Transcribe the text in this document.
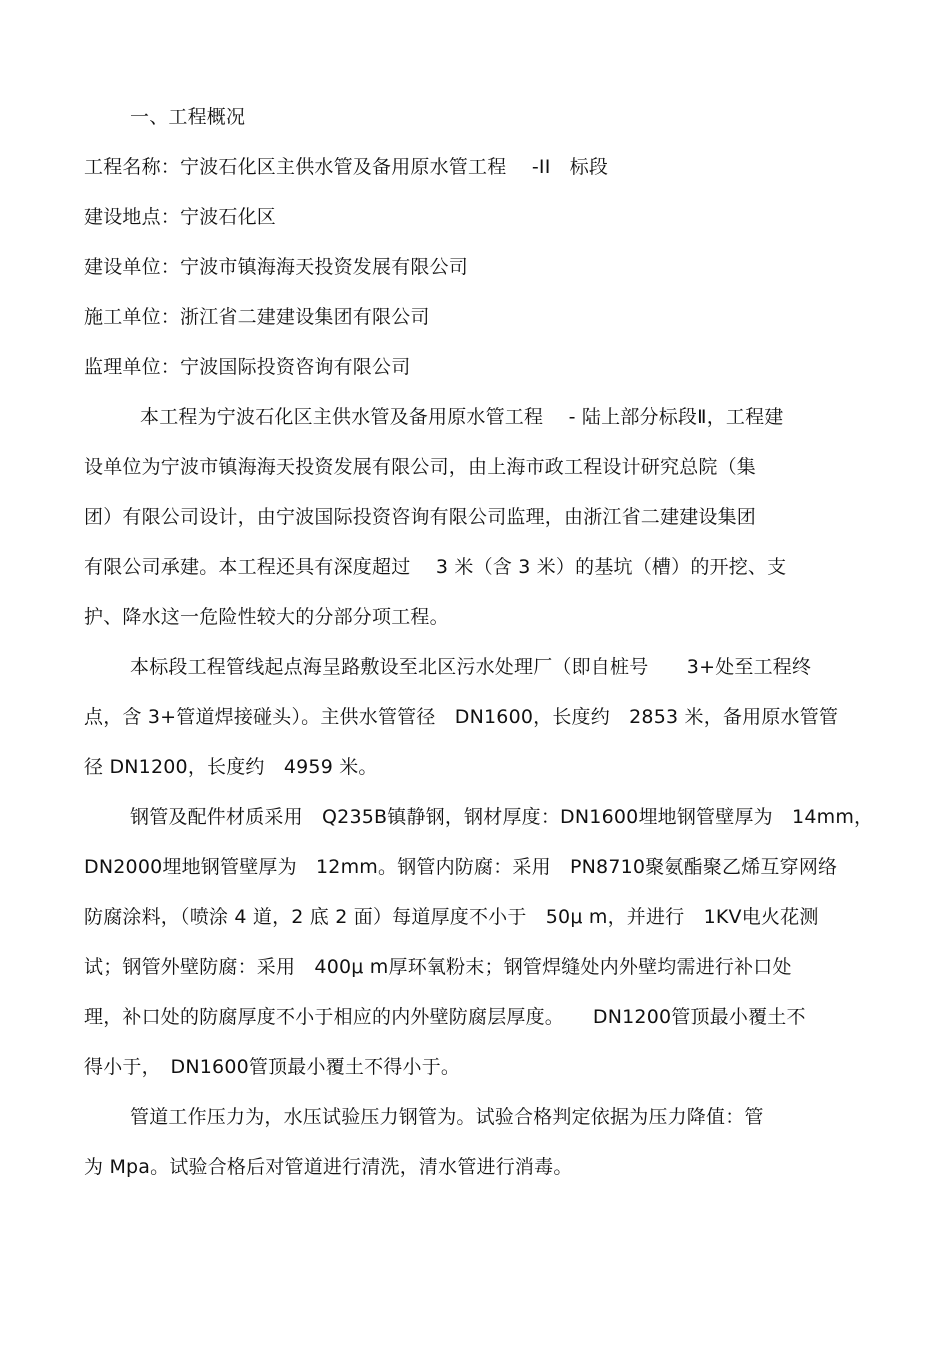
一、工程概况
工程名称：宁波石化区主供水管及备用原水管工程　 -II　标段
建设地点：宁波石化区
建设单位：宁波市镇海海天投资发展有限公司
施工单位：浙江省二建建设集团有限公司
监理单位：宁波国际投资咨询有限公司
本工程为宁波石化区主供水管及备用原水管工程　 - 陆上部分标段Ⅱ，工程建
设单位为宁波市镇海海天投资发展有限公司，由上海市政工程设计研究总院（集
团）有限公司设计，由宁波国际投资咨询有限公司监理，由浙江省二建建设集团
有限公司承建。本工程还具有深度超过　 3 米（含 3 米）的基坑（槽）的开挖、支
护、降水这一危险性较大的分部分项工程。
本标段工程管线起点海呈路敷设至北区污水处理厂（即自桩号　　3+处至工程终
点，含 3+管道焊接碰头）。主供水管管径　DN1600，长度约　2853 米，备用原水管管
径 DN1200，长度约　4959 米。
钢管及配件材质采用　Q235B镇静钢，钢材厚度：DN1600埋地钢管壁厚为　14mm，
DN2000埋地钢管壁厚为　12mm。钢管内防腐：采用　PN8710聚氨酯聚乙烯互穿网络
防腐涂料，（喷涂 4 道，2 底 2 面）每道厚度不小于　50μ m，并进行　1KV电火花测
试；钢管外壁防腐：采用　400μ m厚环氧粉末；钢管焊缝处内外壁均需进行补口处
理，补口处的防腐厚度不小于相应的内外壁防腐层厚度。　　DN1200管顶最小覆土不
得小于，　DN1600管顶最小覆土不得小于。
管道工作压力为，水压试验压力钢管为。试验合格判定依据为压力降值：管
为 Mpa。试验合格后对管道进行清洗，清水管进行消毒。
